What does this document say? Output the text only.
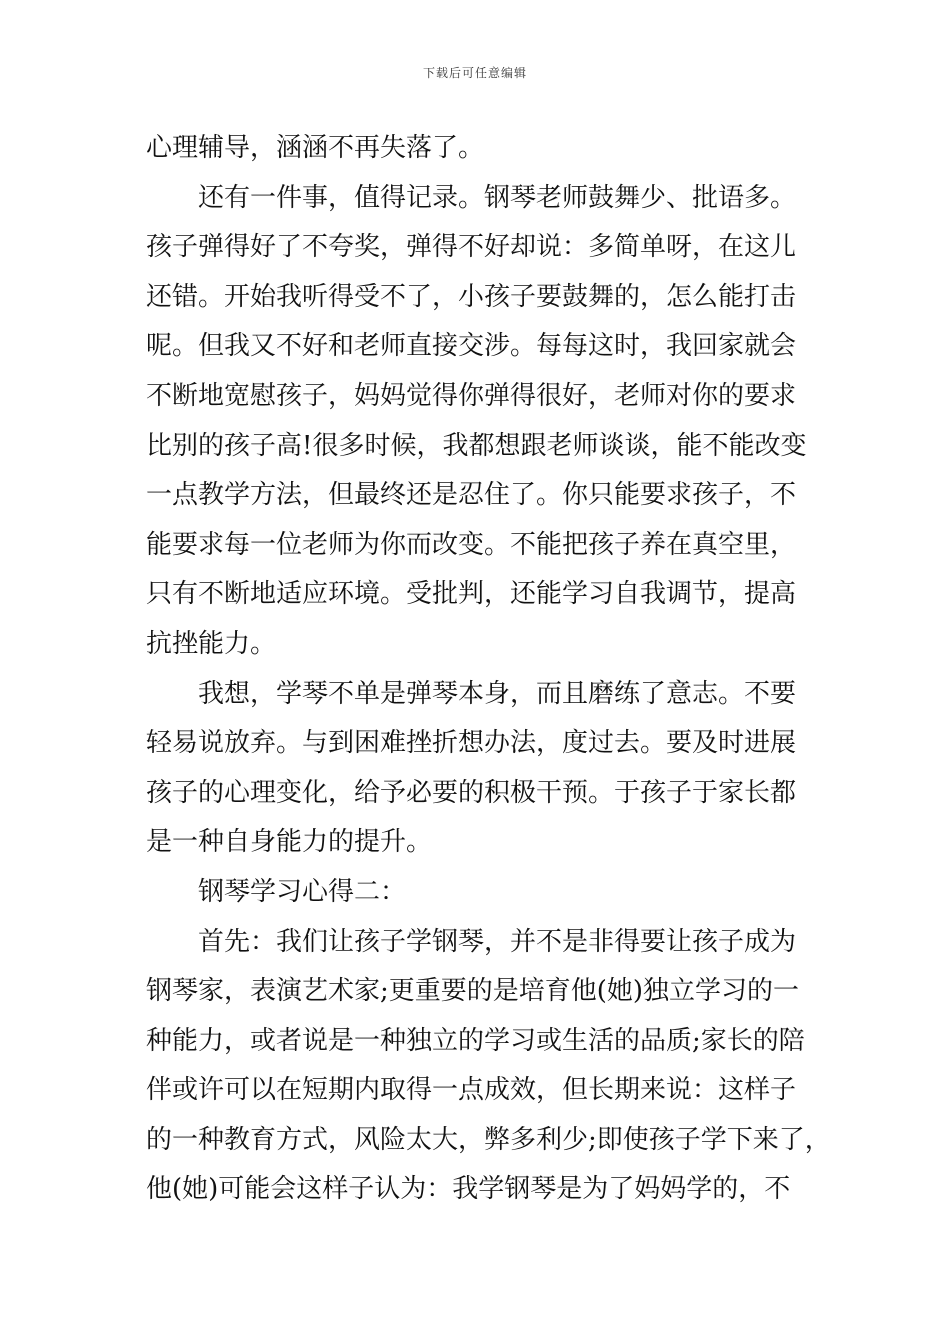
下载后可任意编辑
心理辅导，涵涵不再失落了。
还有一件事，值得记录。钢琴老师鼓舞少、批语多。
孩子弹得好了不夸奖，弹得不好却说：多简单呀，在这儿
还错。开始我听得受不了，小孩子要鼓舞的，怎么能打击
呢。但我又不好和老师直接交涉。每每这时，我回家就会
不断地宽慰孩子，妈妈觉得你弹得很好，老师对你的要求
比别的孩子高!很多时候，我都想跟老师谈谈，能不能改变
一点教学方法，但最终还是忍住了。你只能要求孩子，不
能要求每一位老师为你而改变。不能把孩子养在真空里，
只有不断地适应环境。受批判，还能学习自我调节，提高
抗挫能力。
我想，学琴不单是弹琴本身，而且磨练了意志。不要
轻易说放弃。与到困难挫折想办法，度过去。要及时进展
孩子的心理变化，给予必要的积极干预。于孩子于家长都
是一种自身能力的提升。
钢琴学习心得二：
首先：我们让孩子学钢琴，并不是非得要让孩子成为
钢琴家，表演艺术家;更重要的是培育他(她)独立学习的一
种能力，或者说是一种独立的学习或生活的品质;家长的陪
伴或许可以在短期内取得一点成效，但长期来说：这样子
的一种教育方式，风险太大，弊多利少;即使孩子学下来了，
他(她)可能会这样子认为：我学钢琴是为了妈妈学的，不
